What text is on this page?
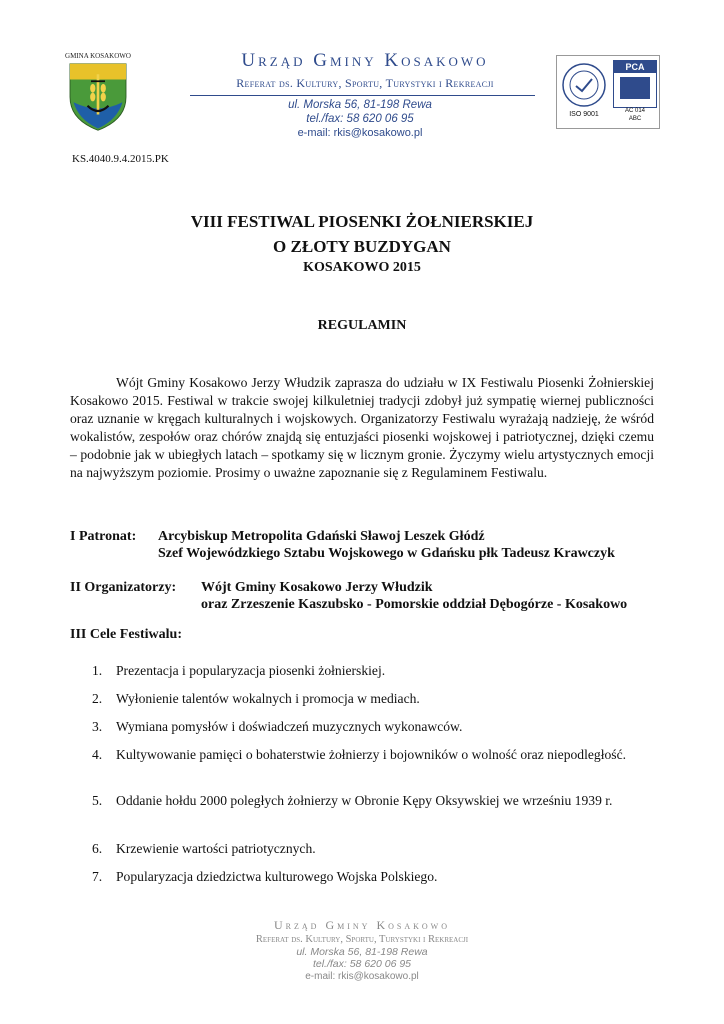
GMINA KOSAKOWO	Urząd Gminy Kosakowo
Referat ds. Kultury, Sportu, Turystyki i Rekreacji
ul. Morska 56, 81-198 Rewa
tel./fax: 58 620 06 95
e-mail: rkis@kosakowo.pl
ISO 9001
PCA
AC 014
ABC
KS.4040.9.4.2015.PK
VIII FESTIWAL PIOSENKI ŻOŁNIERSKIEJ
O ZŁOTY BUZDYGAN
KOSAKOWO 2015
REGULAMIN

Wójt Gminy Kosakowo Jerzy Włudzik zaprasza do udziału w IX Festiwalu Piosenki Żołnierskiej Kosakowo 2015. Festiwal w trakcie swojej kilkuletniej tradycji zdobył już sympatię wiernej publiczności oraz uznanie w kręgach kulturalnych i wojskowych. Organizatorzy Festiwalu wyrażają nadzieję, że wśród wokalistów, zespołów oraz chórów znajdą się entuzjaści piosenki wojskowej i patriotycznej, dzięki czemu – podobnie jak w ubiegłych latach – spotkamy się w licznym gronie. Życzymy wielu artystycznych emocji na najwyższym poziomie. Prosimy o uważne zapoznanie się z Regulaminem Festiwalu.

I Patronat: Arcybiskup Metropolita Gdański Sławoj Leszek Głódź
Szef Wojewódzkiego Sztabu Wojskowego w Gdańsku płk Tadeusz Krawczyk
II Organizatorzy: Wójt Gminy Kosakowo Jerzy Włudzik
oraz Zrzeszenie Kaszubsko - Pomorskie oddział Dębogórze - Kosakowo
III Cele Festiwalu:
1.	Prezentacja i popularyzacja piosenki żołnierskiej.
2.	Wyłonienie talentów wokalnych i promocja w mediach.
3.	Wymiana pomysłów i doświadczeń muzycznych wykonawców.
4.	Kultywowanie pamięci o bohaterstwie żołnierzy i bojowników o wolność oraz niepodległość.
5.	Oddanie hołdu 2000 poległych żołnierzy w Obronie Kępy Oksywskiej we wrześniu 1939 r.
6.	Krzewienie wartości patriotycznych.
7.	Popularyzacja dziedzictwa kulturowego Wojska Polskiego.
Urząd Gminy Kosakowo
Referat ds. Kultury, Sportu, Turystyki i Rekreacji
ul. Morska 56, 81-198 Rewa
tel./fax: 58 620 06 95
e-mail: rkis@kosakowo.pl
